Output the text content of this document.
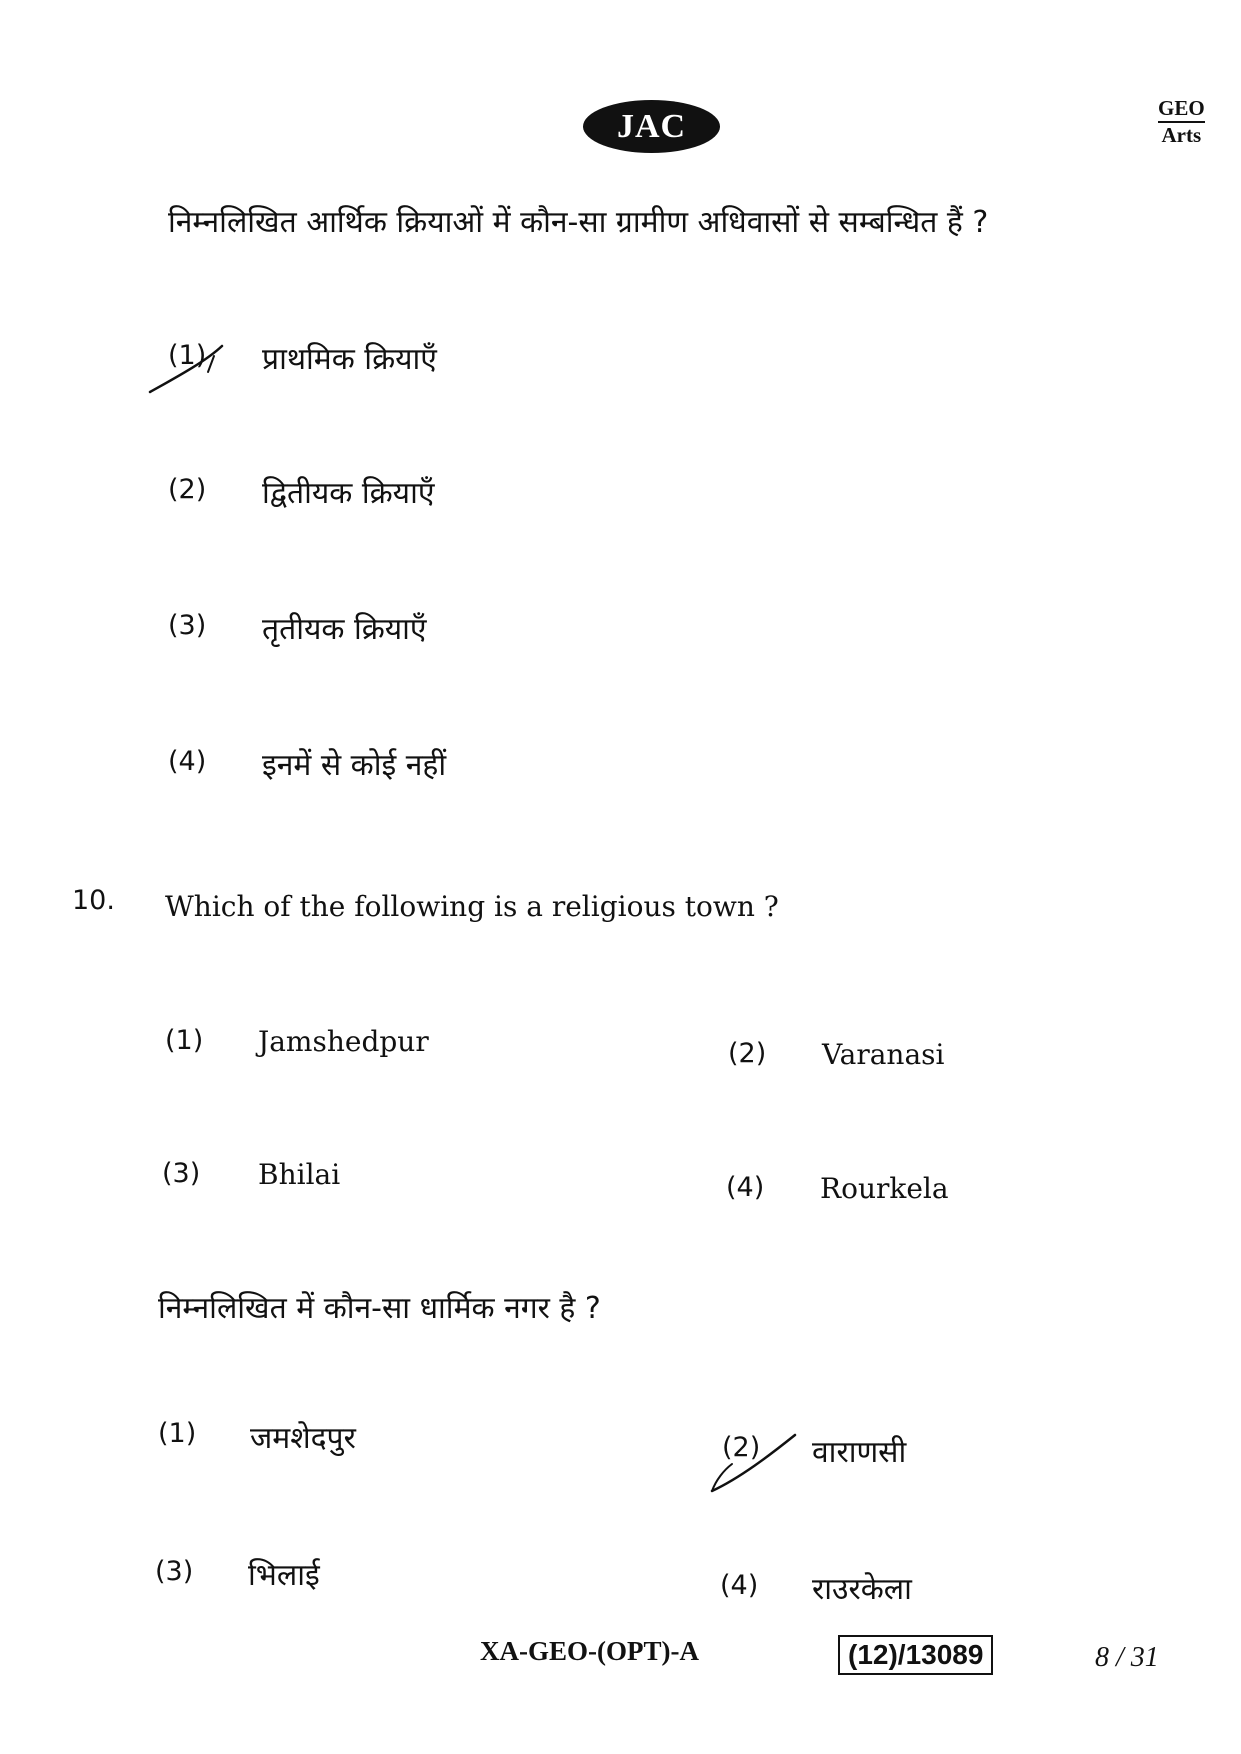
JAC	GEO
Arts
निम्नलिखित आर्थिक क्रियाओं में कौन-सा ग्रामीण अधिवासों से सम्बन्धित हैं ?
(1) प्राथमिक क्रियाएँ
(2) द्वितीयक क्रियाएँ
(3) तृतीयक क्रियाएँ
(4) इनमें से कोई नहीं
10. Which of the following is a religious town ?
(1) Jamshedpur	(2) Varanasi
(3) Bhilai	(4) Rourkela
निम्नलिखित में कौन-सा धार्मिक नगर है ?
(1) जमशेदपुर	(2) वाराणसी
(3) भिलाई	(4) राउरकेला
XA-GEO-(OPT)-A	(12)/13089	8 / 31
